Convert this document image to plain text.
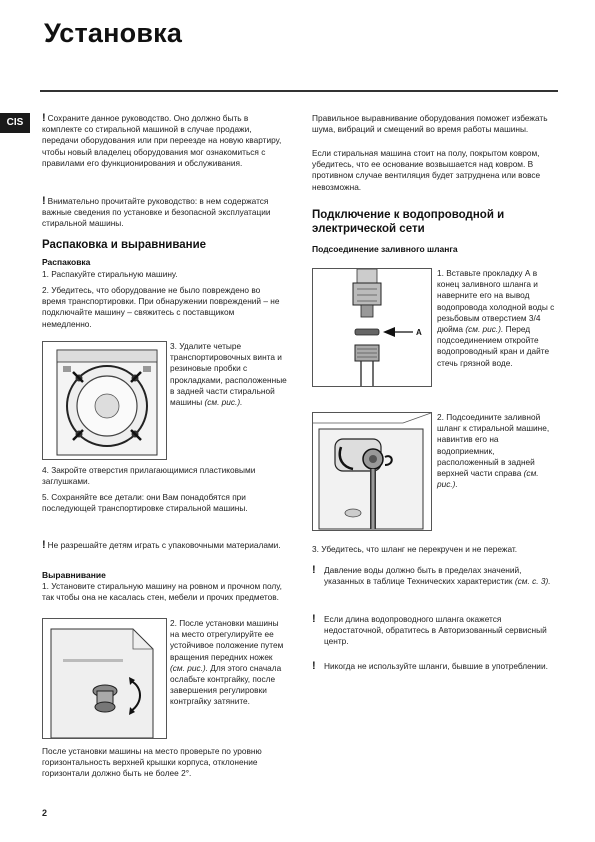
Установка
CIS	! Сохраните данное руководство. Оно должно быть в комплекте со стиральной машиной в случае продажи, передачи оборудования или при переезде на новую квартиру, чтобы новый владелец оборудования мог ознакомиться с правилами его функционирования и обслуживания.
! Внимательно прочитайте руководство: в нем содержатся важные сведения по установке и безопасной эксплуатации стиральной машины.
Распаковка и выравнивание
Распаковка
1. Распакуйте стиральную машину.
2. Убедитесь, что оборудование не было повреждено во время транспортировки. При обнаружении повреждений – не подключайте машину – свяжитесь с поставщиком немедленно.
3. Удалите четыре транспортировочных винта и резиновые пробки с прокладками, расположенные в задней части стиральной машины (см. рис.).
4. Закройте отверстия прилагающимися пластиковыми заглушками.
5. Сохраняйте все детали: они Вам понадобятся при последующей транспортировке стиральной машины.
! Не разрешайте детям играть с упаковочными материалами.
Выравнивание
1. Установите стиральную машину на ровном и прочном полу, так чтобы она не касалась стен, мебели и прочих предметов.
2. После установки машины на место отрегулируйте ее устойчивое положение путем вращения передних ножек (см. рис.). Для этого сначала ослабьте контргайку, после завершения регулировки контргайку затяните.
После установки машины на место проверьте по уровню горизонтальность верхней крышки корпуса, отклонение горизонтали должно быть не более 2°.
Правильное выравнивание оборудования поможет избежать шума, вибраций и смещений во время работы машины.
Если стиральная машина стоит на полу, покрытом ковром, убедитесь, что ее основание возвышается над ковром. В противном случае вентиляция будет затруднена или вовсе невозможна.
Подключение к водопроводной и электрической сети
Подсоединение заливного шланга
A
1. Вставьте прокладку А в конец заливного шланга и наверните его на вывод водопровода холодной воды с резьбовым отверстием 3/4 дюйма (см. рис.). Перед подсоединением откройте водопроводный кран и дайте стечь грязной воде.
2. Подсоедините заливной шланг к стиральной машине, навинтив его на водоприемник, расположенный в задней верхней части справа (см. рис.).
3. Убедитесь, что шланг не перекручен и не пережат.
!	Давление воды должно быть в пределах значений, указанных в таблице Технических характеристик (см. с. 3).
!	Если длина водопроводного шланга окажется недостаточной, обратитесь в Авторизованный сервисный центр.
!	Никогда не используйте шланги, бывшие в употреблении.
2
